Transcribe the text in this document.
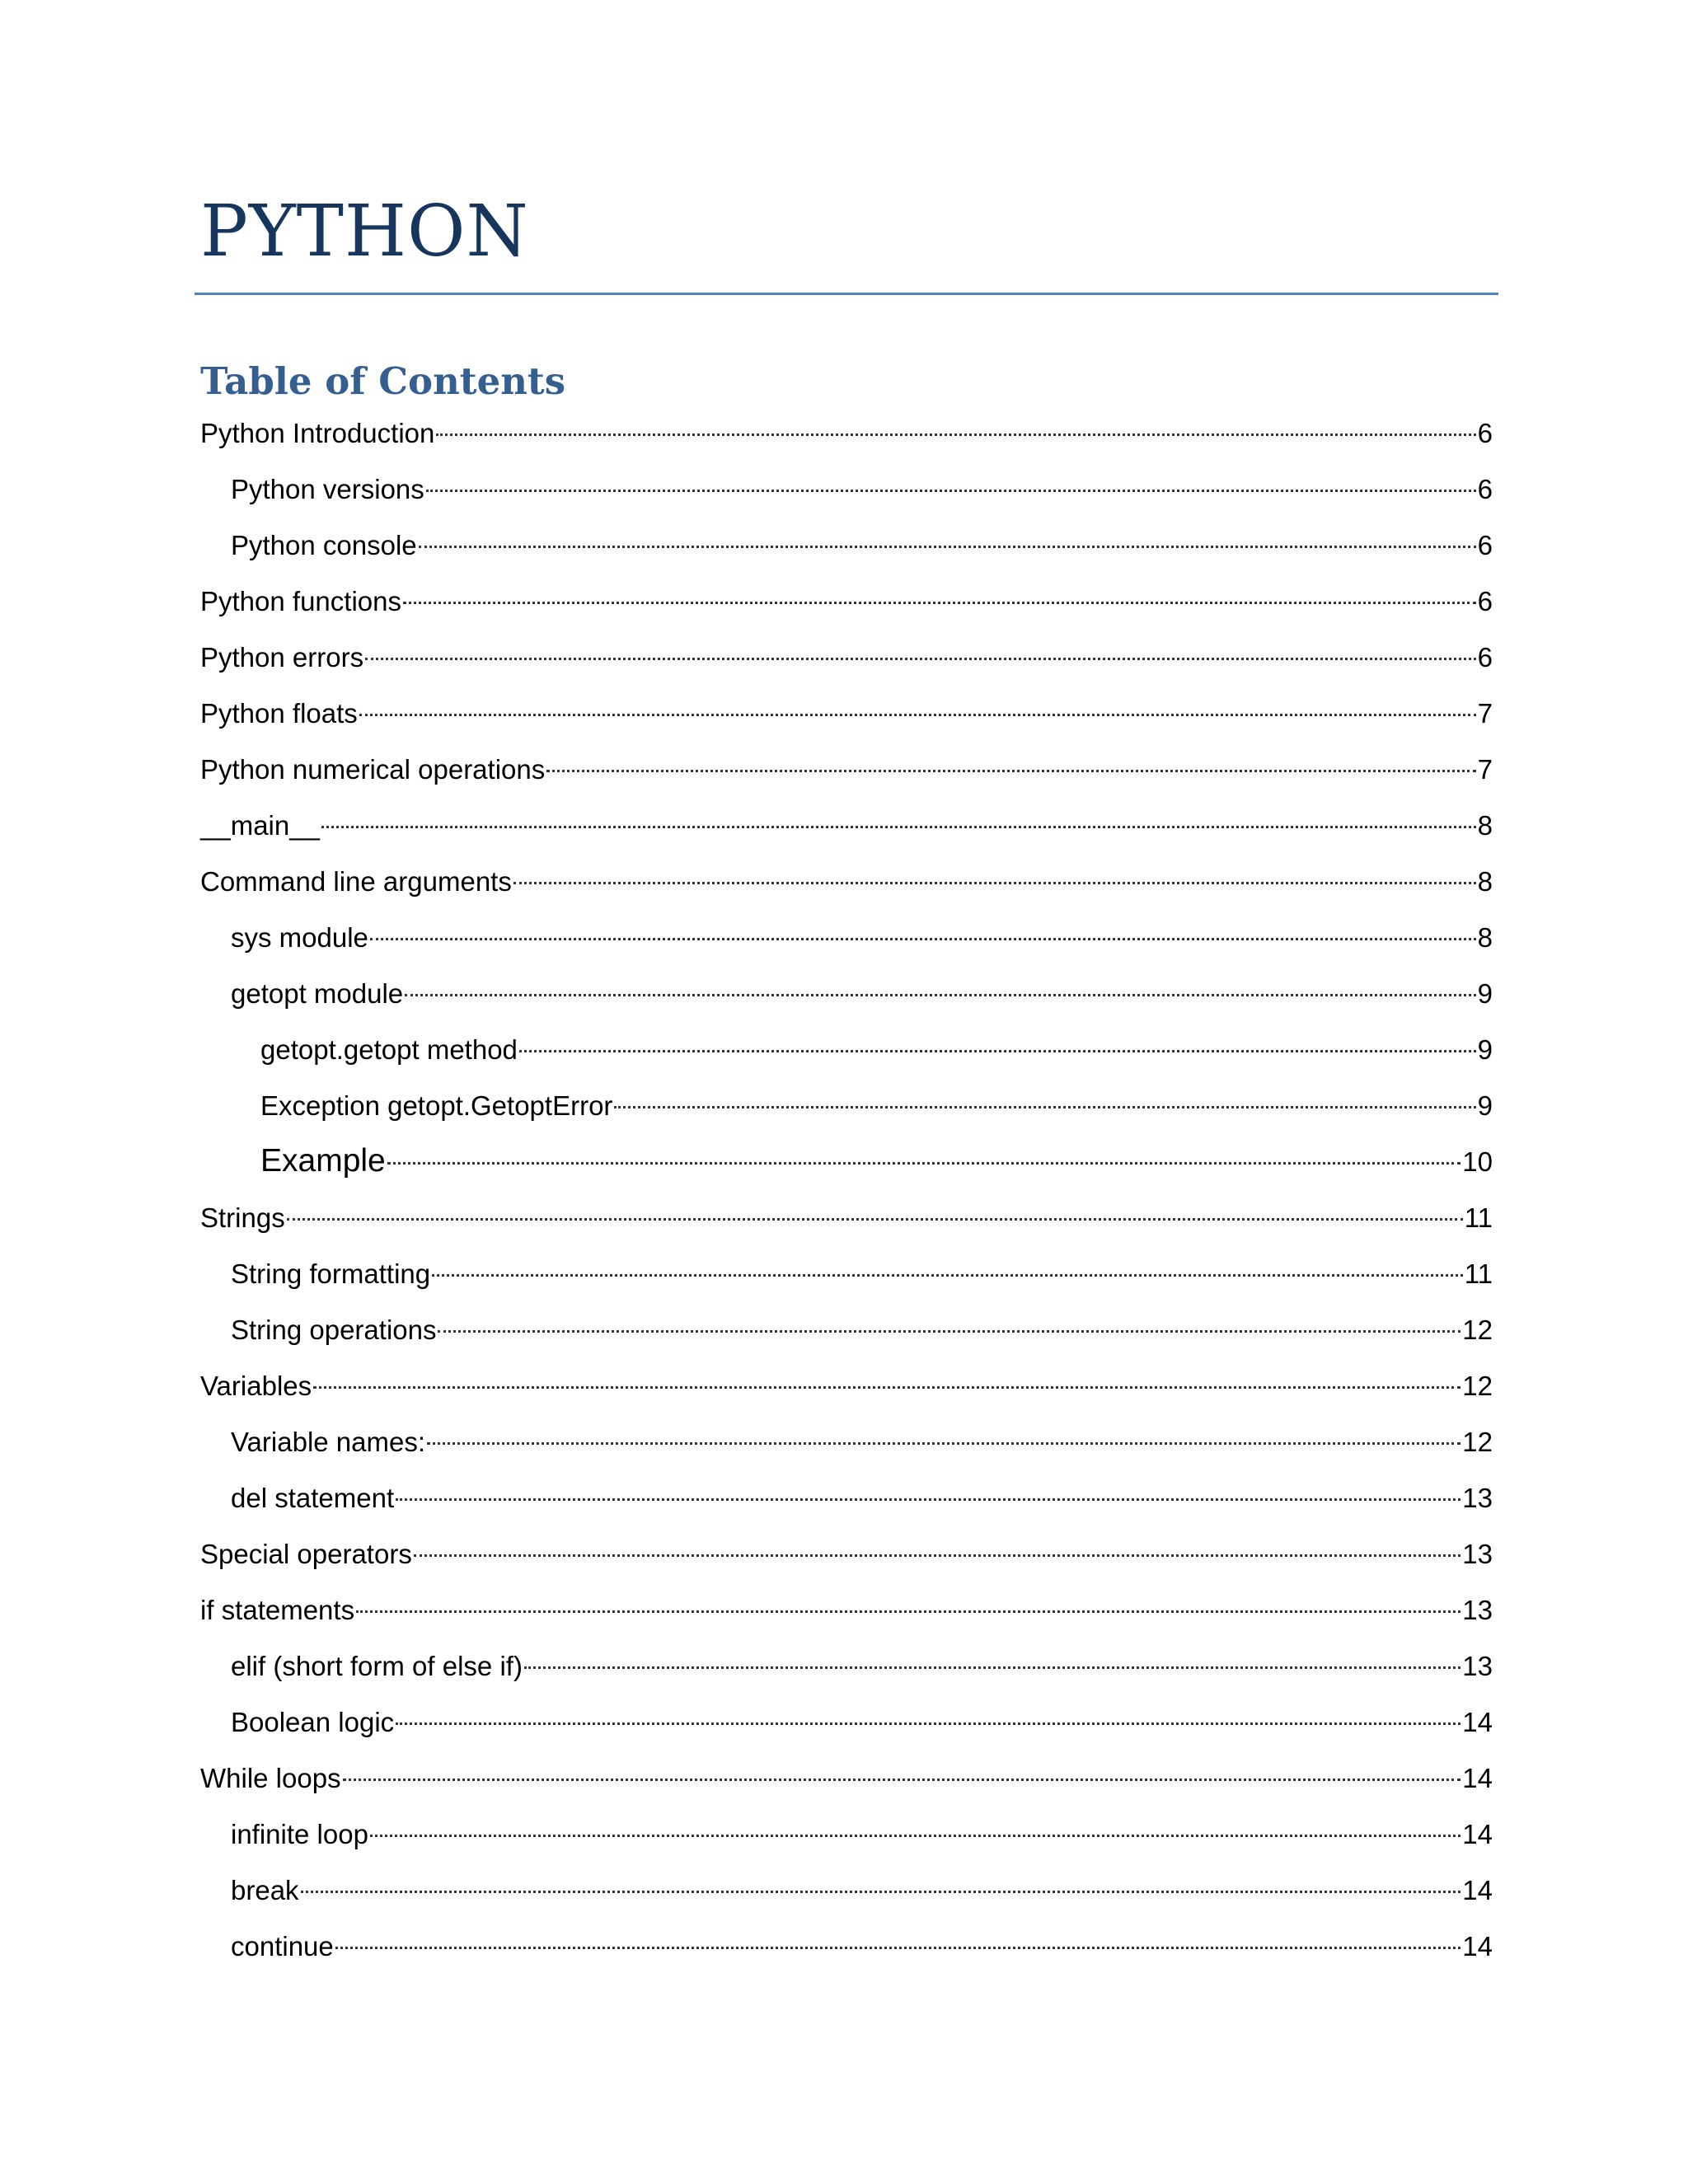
PYTHON
Table of Contents
Python Introduction	6
Python versions	6
Python console	6
Python functions	6
Python errors	6
Python floats	7
Python numerical operations	7
__main__	8
Command line arguments	8
sys module	8
getopt module	9
getopt.getopt method	9
Exception getopt.GetoptError	9
Example	10
Strings	11
String formatting	11
String operations	12
Variables	12
Variable names:	12
del statement	13
Special operators	13
if statements	13
elif (short form of else if)	13
Boolean logic	14
While loops	14
infinite loop	14
break	14
continue	14
